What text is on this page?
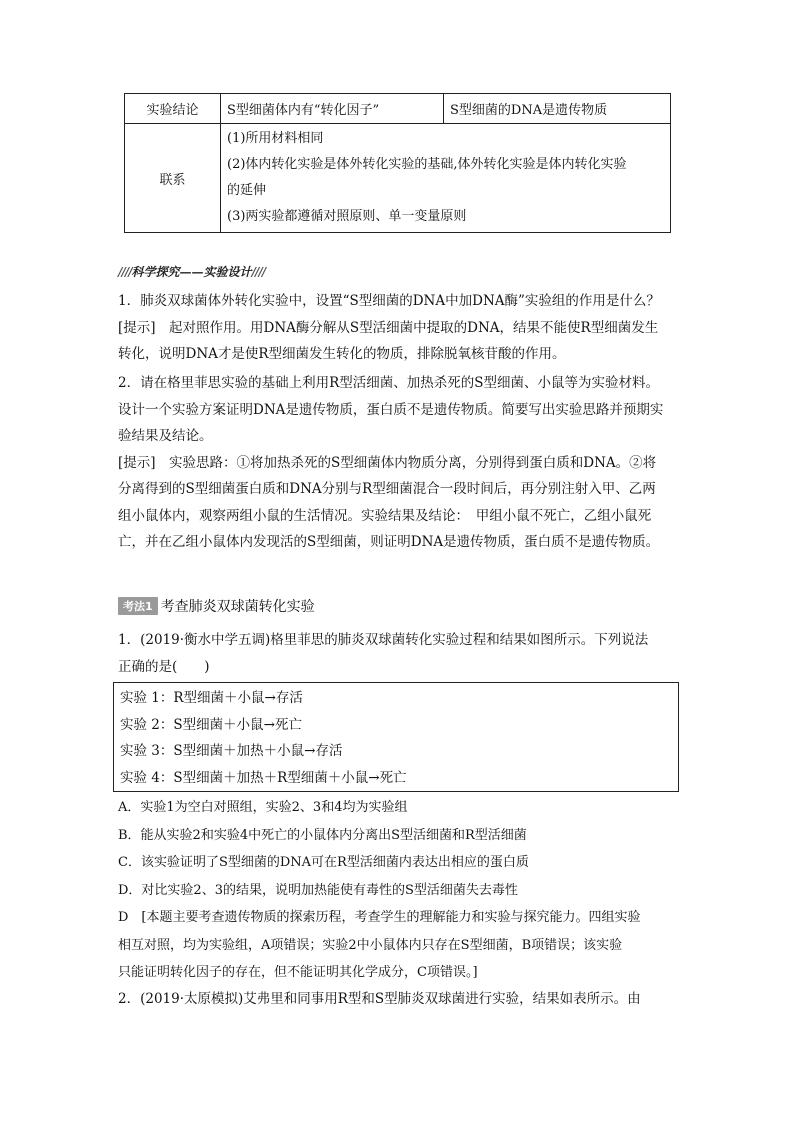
实验结论	S型细菌体内有“转化因子”	S型细菌的DNA是遗传物质
联系	(1)所用材料相同
(2)体内转化实验是体外转化实验的基础,体外转化实验是体内转化实验
的延伸
(3)两实验都遵循对照原则、单一变量原则	
////科学探究——实验设计////

1．肺炎双球菌体外转化实验中，设置“S型细菌的DNA中加DNA酶”实验组的作用是什么？

[提示]　起对照作用。用DNA酶分解从S型活细菌中提取的DNA，结果不能使R型细菌发生

转化，说明DNA才是使R型细菌发生转化的物质，排除脱氧核苷酸的作用。

2．请在格里菲思实验的基础上利用R型活细菌、加热杀死的S型细菌、小鼠等为实验材料。

设计一个实验方案证明DNA是遗传物质，蛋白质不是遗传物质。简要写出实验思路并预期实

验结果及结论。

[提示]　实验思路：①将加热杀死的S型细菌体内物质分离，分别得到蛋白质和DNA。②将

分离得到的S型细菌蛋白质和DNA分别与R型细菌混合一段时间后，再分别注射入甲、乙两

组小鼠体内，观察两组小鼠的生活情况。实验结果及结论：　甲组小鼠不死亡，乙组小鼠死

亡，并在乙组小鼠体内发现活的S型细菌，则证明DNA是遗传物质，蛋白质不是遗传物质。

考法1 考查肺炎双球菌转化实验

1．(2019·衡水中学五调)格里菲思的肺炎双球菌转化实验过程和结果如图所示。下列说法

正确的是(　　)

实验 1：R型细菌＋小鼠→存活
实验 2：S型细菌＋小鼠→死亡
实验 3：S型细菌＋加热＋小鼠→存活
实验 4：S型细菌＋加热＋R型细菌＋小鼠→死亡
A．实验1为空白对照组，实验2、3和4均为实验组
B．能从实验2和实验4中死亡的小鼠体内分离出S型活细菌和R型活细菌
C．该实验证明了S型细菌的DNA可在R型活细菌内表达出相应的蛋白质
D．对比实验2、3的结果，说明加热能使有毒性的S型活细菌失去毒性
D　[本题主要考查遗传物质的探索历程，考查学生的理解能力和实验与探究能力。四组实验
相互对照，均为实验组，A项错误；实验2中小鼠体内只存在S型细菌，B项错误；该实验
只能证明转化因子的存在，但不能证明其化学成分，C项错误。]
2．(2019·太原模拟)艾弗里和同事用R型和S型肺炎双球菌进行实验，结果如表所示。由
